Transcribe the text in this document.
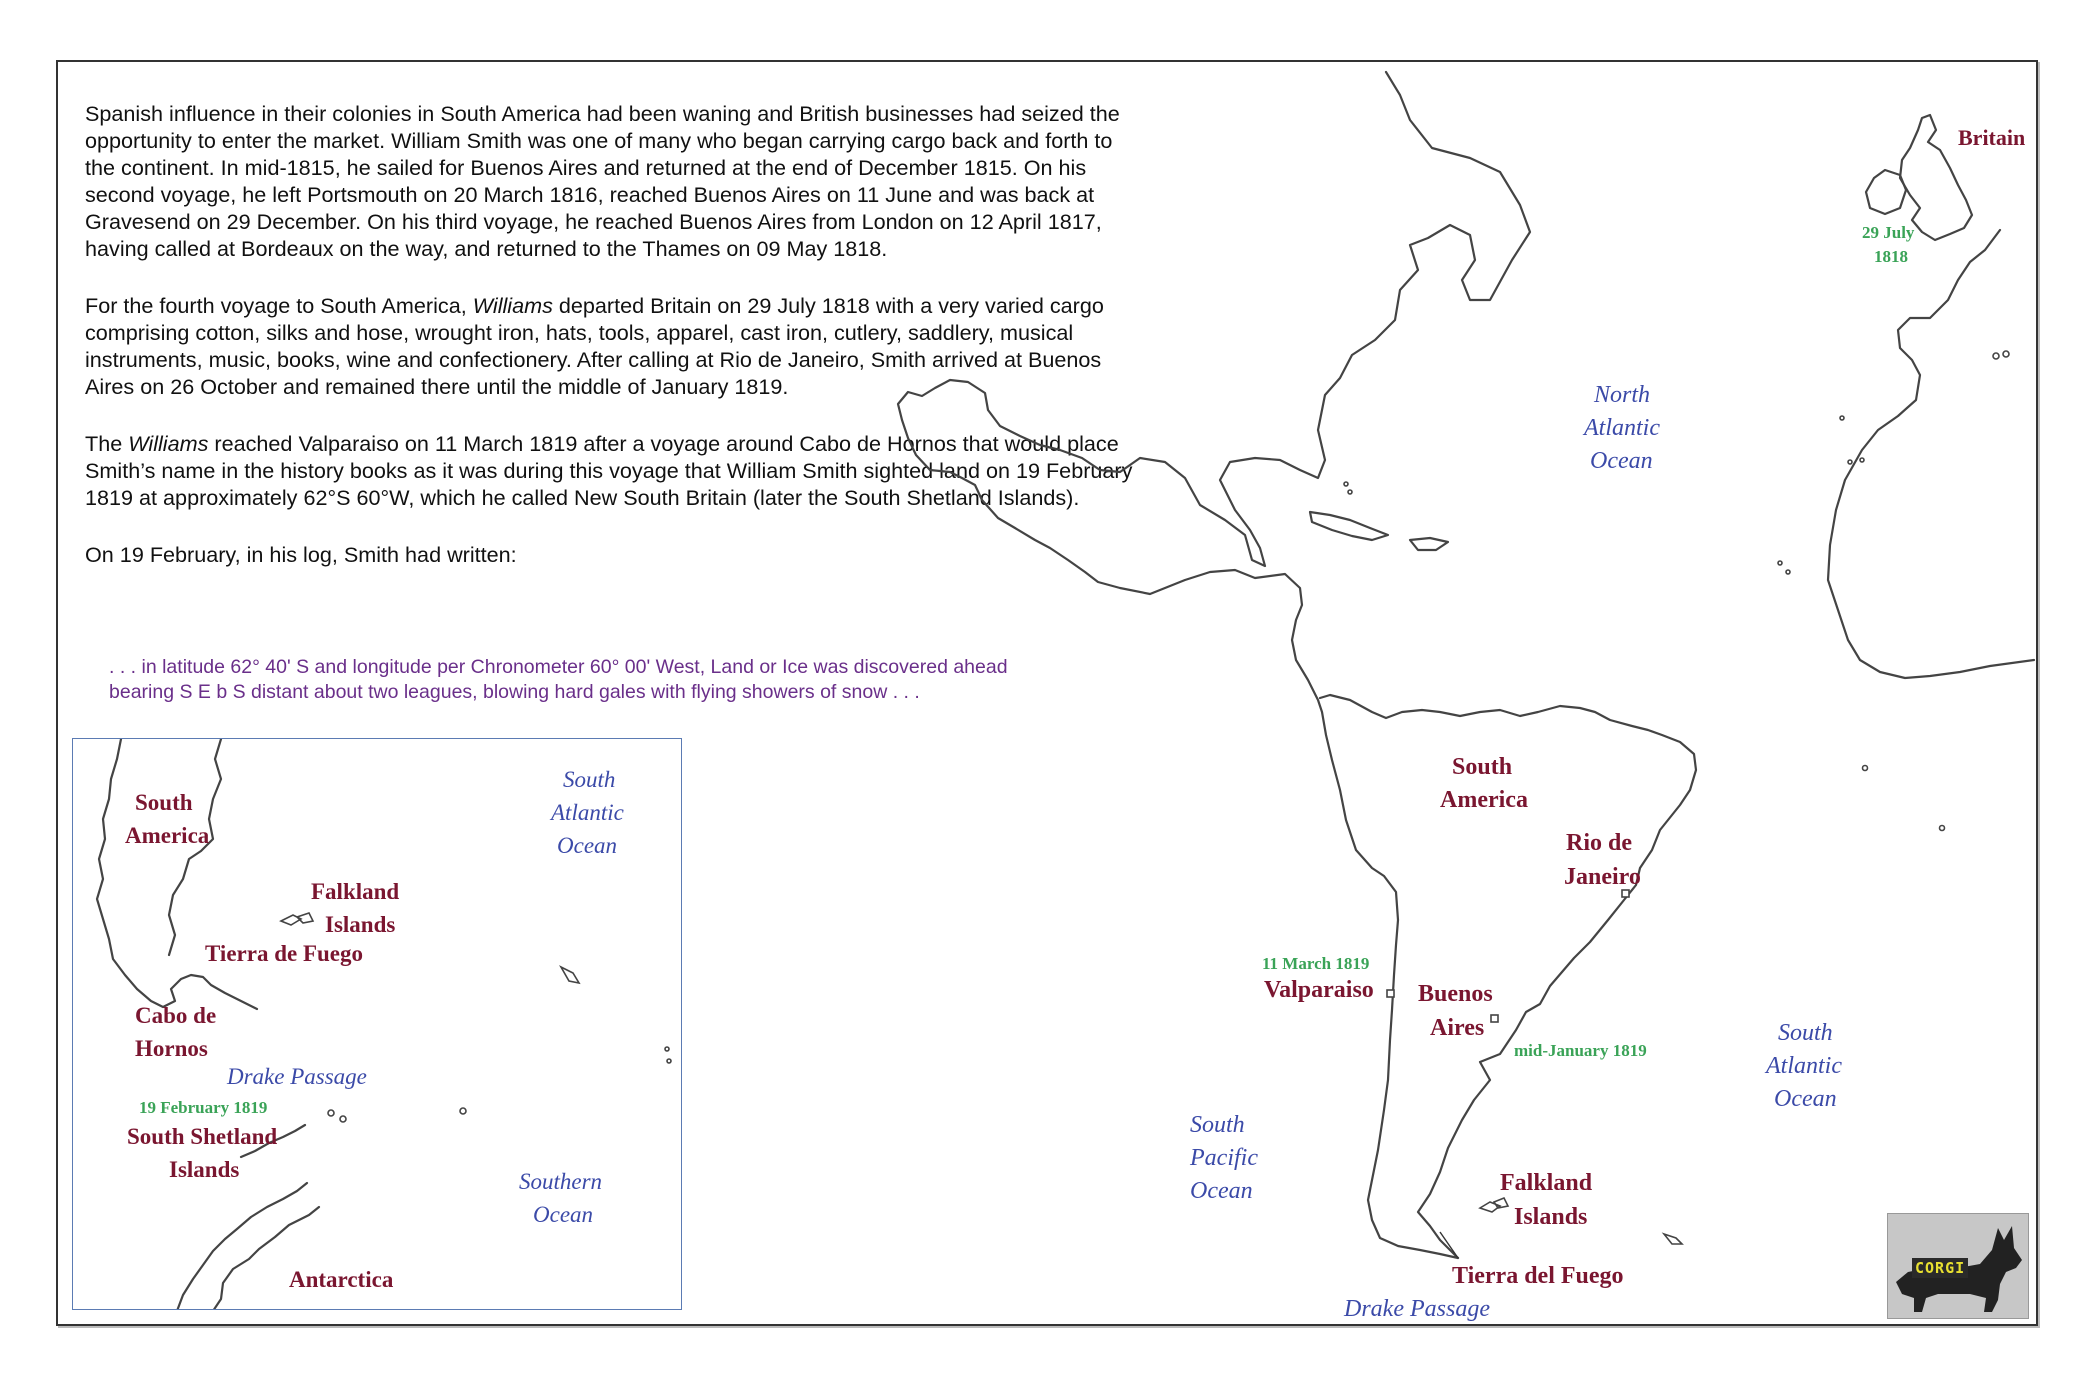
Spanish influence in their colonies in South America had been waning and British businesses had seized the opportunity to enter the market. William Smith was one of many who began carrying cargo back and forth to the continent. In mid-1815, he sailed for Buenos Aires and returned at the end of December 1815. On his second voyage, he left Portsmouth on 20 March 1816, reached Buenos Aires on 11 June and was back at Gravesend on 29 December. On his third voyage, he reached Buenos Aires from London on 12 April 1817, having called at Bordeaux on the way, and returned to the Thames on 09 May 1818.

For the fourth voyage to South America, Williams departed Britain on 29 July 1818 with a very varied cargo comprising cotton, silks and hose, wrought iron, hats, tools, apparel, cast iron, cutlery, saddlery, musical instruments, music, books, wine and confectionery. After calling at Rio de Janeiro, Smith arrived at Buenos Aires on 26 October and remained there until the middle of January 1819.

The Williams reached Valparaiso on 11 March 1819 after a voyage around Cabo de Hornos that would place Smith’s name in the history books as it was during this voyage that William Smith sighted land on 19 February 1819 at approximately 62°S 60°W, which he called New South Britain (later the South Shetland Islands).

On 19 February, in his log, Smith had written:

. . . in latitude 62° 40' S and longitude per Chronometer 60° 00' West, Land or Ice was discovered ahead
bearing S E b S distant about two leagues, blowing hard gales with flying showers of snow . . .
Britain
29 July
1818
North
Atlantic
Ocean
South
America
Rio de
Janeiro
11 March 1819
Valparaiso Buenos
Aires
mid-January 1819
South
Atlantic
Ocean
South
Pacific
Ocean	Falkland
Islands
Tierra del Fuego
Drake Passage
South
America
South
Atlantic
Ocean
Falkland
Islands
Tierra de Fuego
Cabo de
Hornos
Drake Passage
19 February 1819
South Shetland
Islands	Southern
Ocean
Antarctica	CORGI
